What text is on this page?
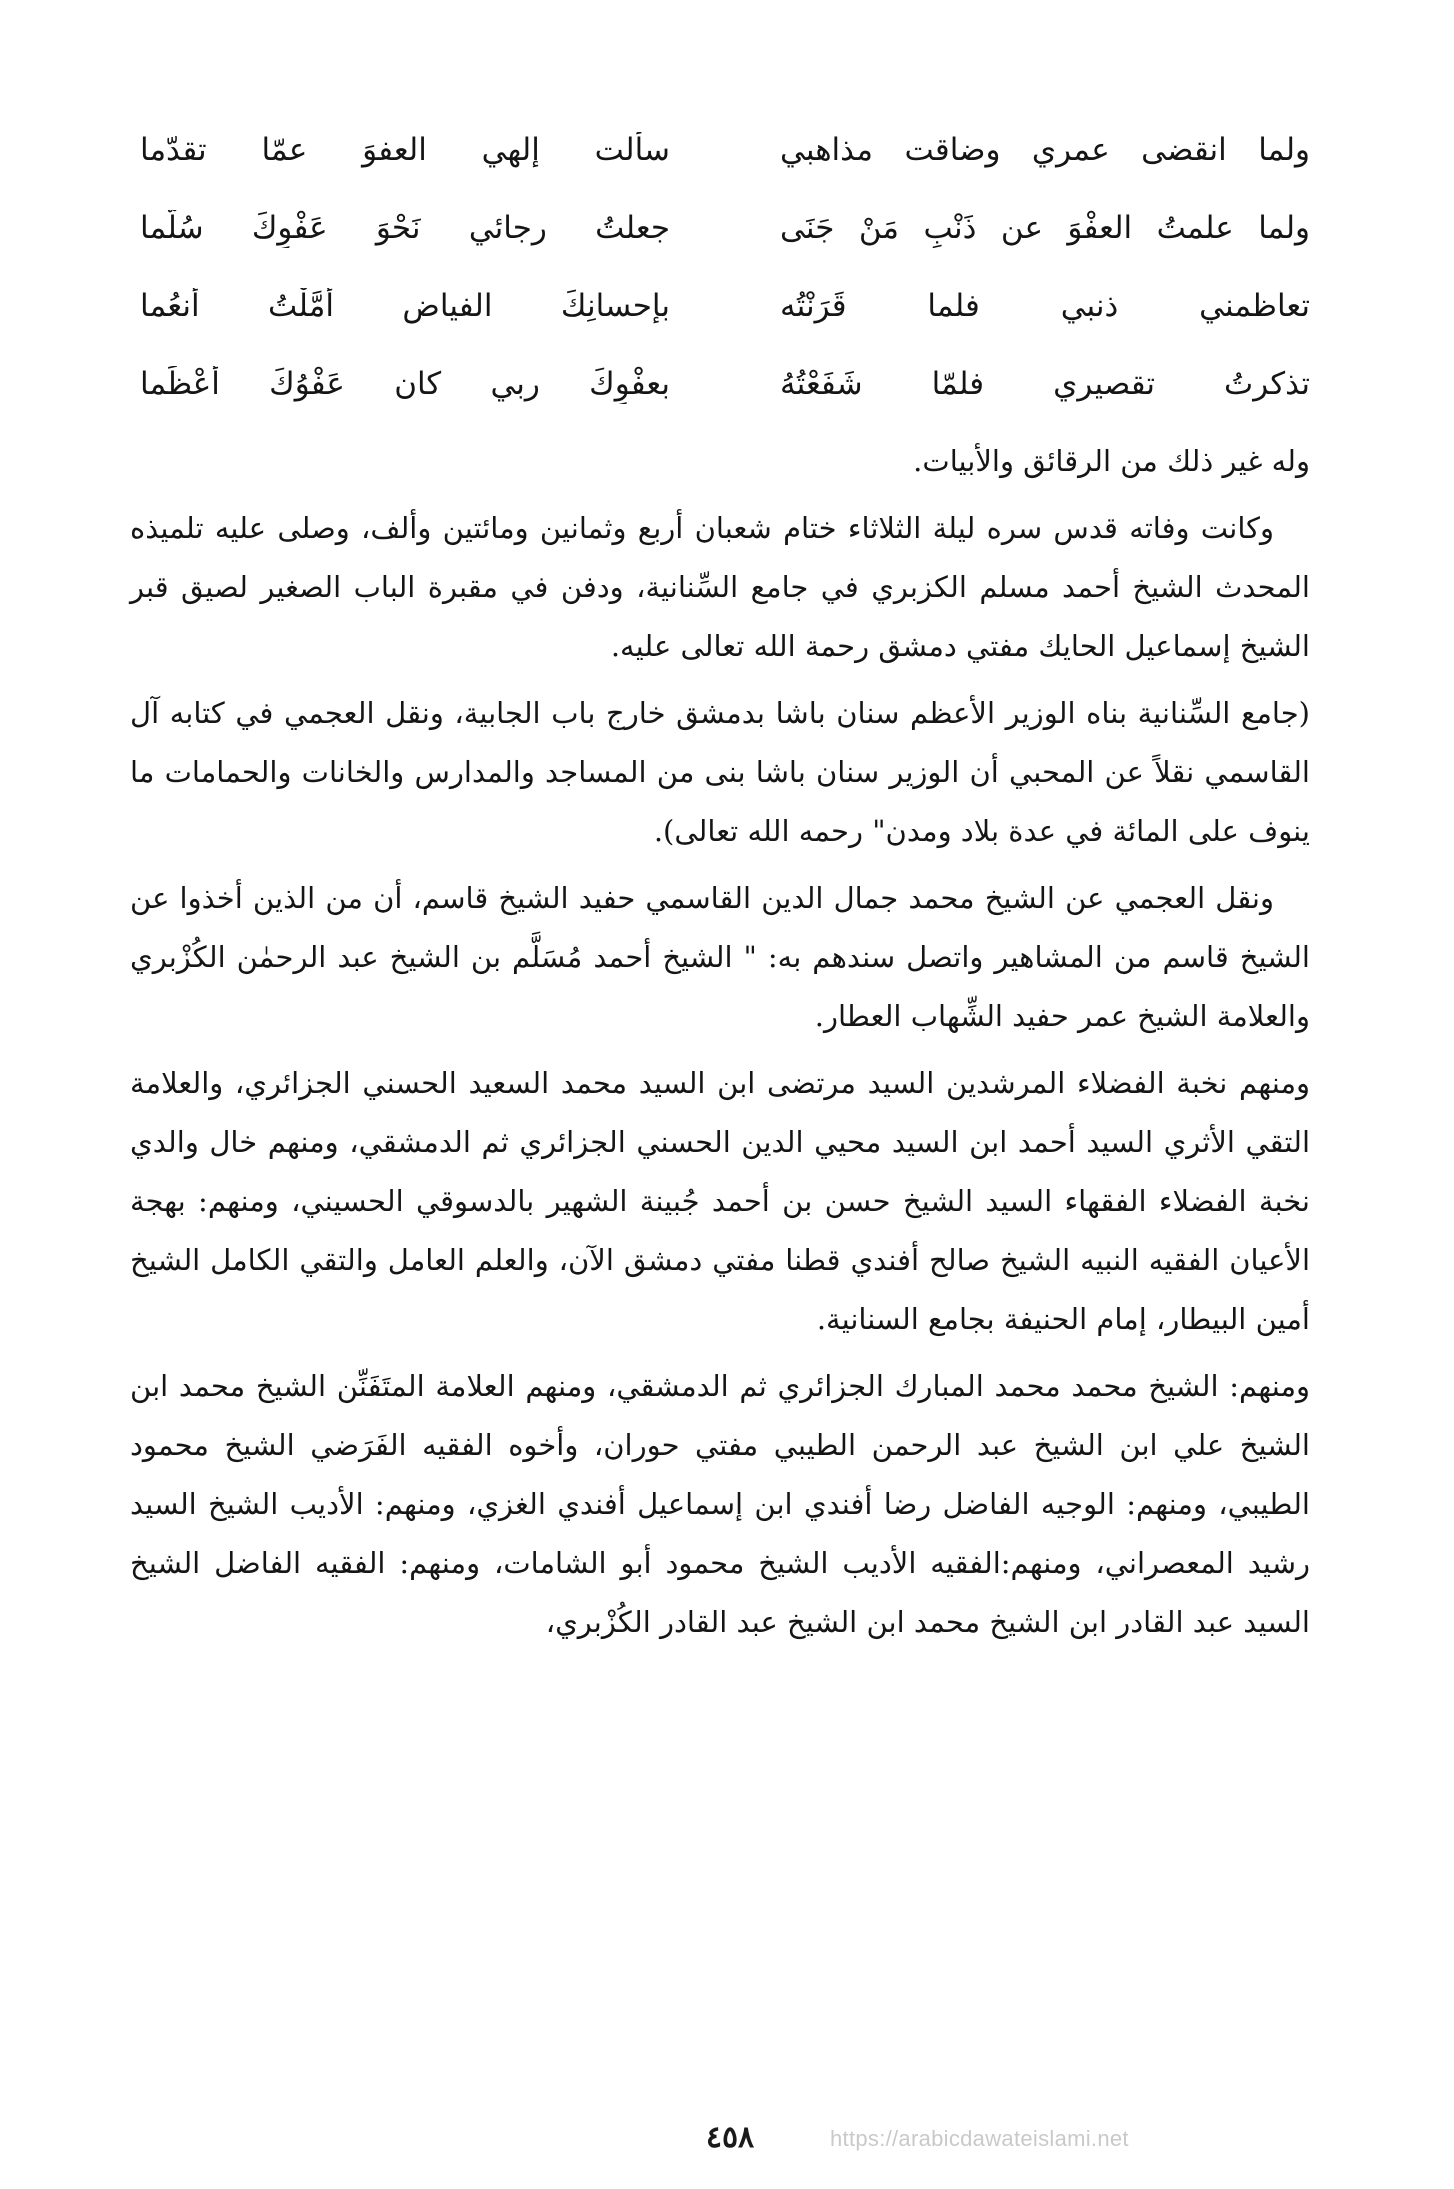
ولما انقضى عمري وضاقت مذاهبي
سألت إلهي العفوَ عمّا تقدّما
ولما علمتُ العفْوَ عن ذَنْبِ مَنْ جَنَى
جعلتُ رجائي نَحْوَ عَفْوِكَ سُلّما
تعاظمني ذنبي فلما قَرَنْتُه
بإحسانِكَ الفياضِ أمَّلْتُ أنعُما
تذكرتُ تقصيري فلمّا شَفَعْتُهُ
بعفْوِكَ ربي كان عَفْوُكَ أعْظَما

وله غير ذلك من الرقائق والأبيات.

وكانت وفاته قدس سره ليلة الثلاثاء ختام شعبان أربع وثمانين ومائتين وألف، وصلى عليه تلميذه المحدث الشيخ أحمد مسلم الكزبري في جامع السِّنانية، ودفن في مقبرة الباب الصغير لصيق قبر الشيخ إسماعيل الحايك مفتي دمشق رحمة الله تعالى عليه.

(جامع السِّنانية بناه الوزير الأعظم سنان باشا بدمشق خارج باب الجابية، ونقل العجمي في كتابه آل القاسمي نقلاً عن المحبي أن الوزير سنان باشا بنى من المساجد والمدارس والخانات والحمامات ما ينوف على المائة في عدة بلاد ومدن" رحمه الله تعالى).

ونقل العجمي عن الشيخ محمد جمال الدين القاسمي حفيد الشيخ قاسم، أن من الذين أخذوا عن الشيخ قاسم من المشاهير واتصل سندهم به: " الشيخ أحمد مُسَلَّم بن الشيخ عبد الرحمٰن الكُزْبري والعلامة الشيخ عمر حفيد الشِّهاب العطار.

ومنهم نخبة الفضلاء المرشدين السيد مرتضى ابن السيد محمد السعيد الحسني الجزائري، والعلامة التقي الأثري السيد أحمد ابن السيد محيي الدين الحسني الجزائري ثم الدمشقي، ومنهم خال والدي نخبة الفضلاء الفقهاء السيد الشيخ حسن بن أحمد جُبينة الشهير بالدسوقي الحسيني، ومنهم: بهجة الأعيان الفقيه النبيه الشيخ صالح أفندي قطنا مفتي دمشق الآن، والعلم العامل والتقي الكامل الشيخ أمين البيطار، إمام الحنيفة بجامع السنانية.

ومنهم: الشيخ محمد محمد المبارك الجزائري ثم الدمشقي، ومنهم العلامة المتَفَنِّن الشيخ محمد ابن الشيخ علي ابن الشيخ عبد الرحمن الطيبي مفتي حوران، وأخوه الفقيه الفَرَضي الشيخ محمود الطيبي، ومنهم: الوجيه الفاضل رضا أفندي ابن إسماعيل أفندي الغزي، ومنهم: الأديب الشيخ السيد رشيد المعصراني، ومنهم:الفقيه الأديب الشيخ محمود أبو الشامات، ومنهم: الفقيه الفاضل الشيخ السيد عبد القادر ابن الشيخ محمد ابن الشيخ عبد القادر الكُزْبري،

٤٥٨	https://arabicdawateislami.net
